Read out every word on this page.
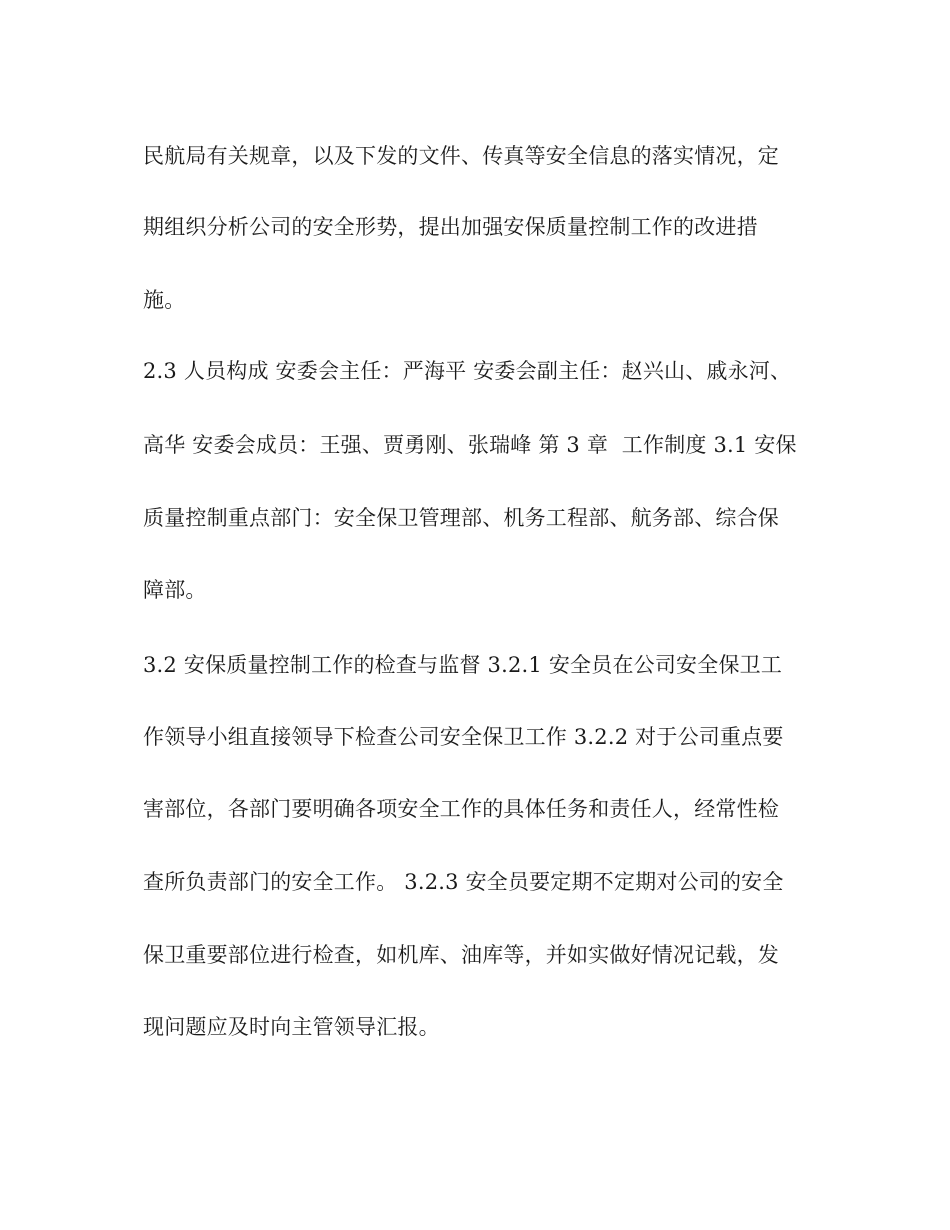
民航局有关规章，以及下发的文件、传真等安全信息的落实情况，定
期组织分析公司的安全形势，提出加强安保质量控制工作的改进措
施。
2.3 人员构成 安委会主任：严海平 安委会副主任：赵兴山、戚永河、
高华 安委会成员：王强、贾勇刚、张瑞峰 第 3 章  工作制度 3.1 安保
质量控制重点部门：安全保卫管理部、机务工程部、航务部、综合保
障部。
3.2 安保质量控制工作的检查与监督 3.2.1 安全员在公司安全保卫工
作领导小组直接领导下检查公司安全保卫工作 3.2.2 对于公司重点要
害部位，各部门要明确各项安全工作的具体任务和责任人，经常性检
查所负责部门的安全工作。 3.2.3 安全员要定期不定期对公司的安全
保卫重要部位进行检查，如机库、油库等，并如实做好情况记载，发
现问题应及时向主管领导汇报。
